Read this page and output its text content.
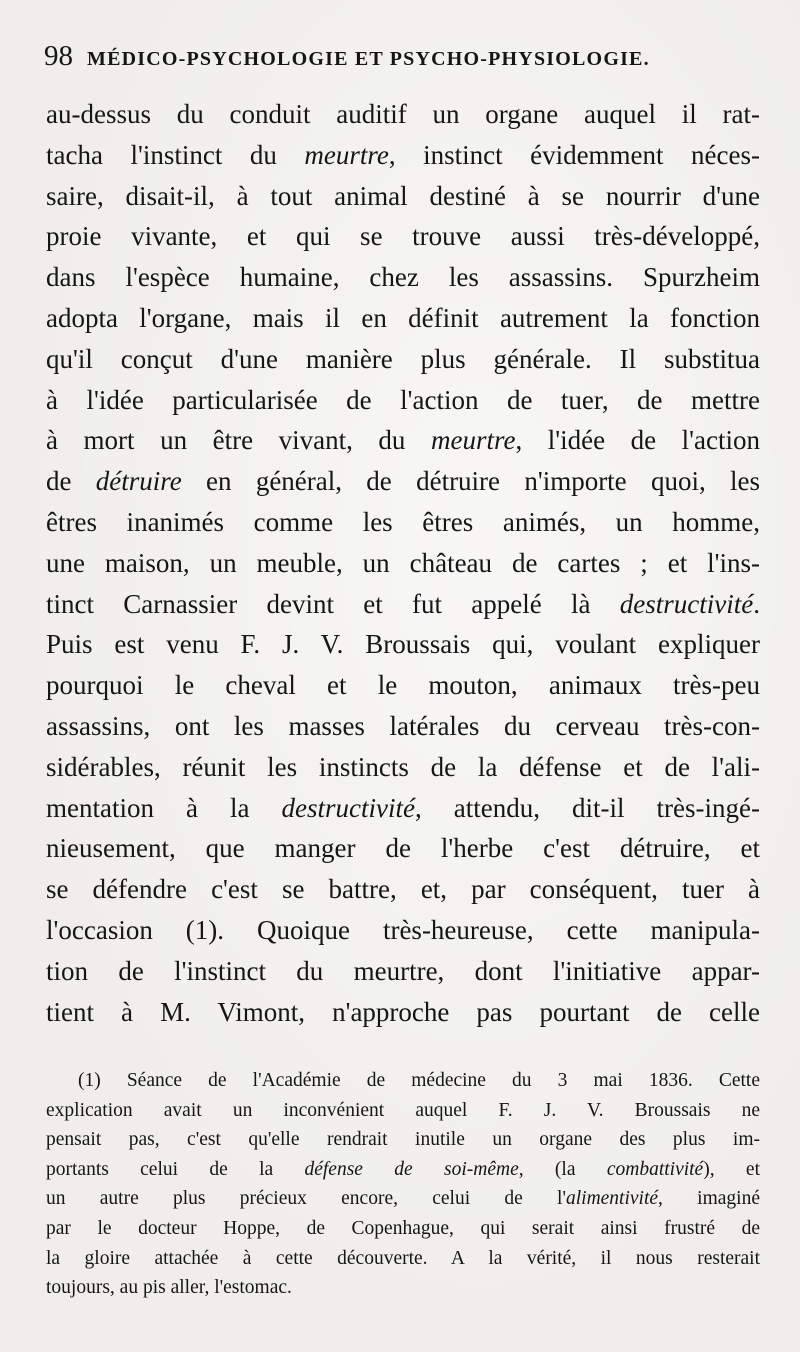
98 MÉDICO-PSYCHOLOGIE ET PSYCHO-PHYSIOLOGIE.
au-dessus du conduit auditif un organe auquel il rat-
tacha l'instinct du meurtre, instinct évidemment néces-
saire, disait-il, à tout animal destiné à se nourrir d'une
proie vivante, et qui se trouve aussi très-développé,
dans l'espèce humaine, chez les assassins. Spurzheim
adopta l'organe, mais il en définit autrement la fonction
qu'il conçut d'une manière plus générale. Il substitua
à l'idée particularisée de l'action de tuer, de mettre
à mort un être vivant, du meurtre, l'idée de l'action
de détruire en général, de détruire n'importe quoi, les
êtres inanimés comme les êtres animés, un homme,
une maison, un meuble, un château de cartes ; et l'ins-
tinct Carnassier devint et fut appelé là destructivité.
Puis est venu F. J. V. Broussais qui, voulant expliquer
pourquoi le cheval et le mouton, animaux très-peu
assassins, ont les masses latérales du cerveau très-con-
sidérables, réunit les instincts de la défense et de l'ali-
mentation à la destructivité, attendu, dit-il très-ingé-
nieusement, que manger de l'herbe c'est détruire, et
se défendre c'est se battre, et, par conséquent, tuer à
l'occasion (1). Quoique très-heureuse, cette manipula-
tion de l'instinct du meurtre, dont l'initiative appar-
tient à M. Vimont, n'approche pas pourtant de celle
(1) Séance de l'Académie de médecine du 3 mai 1836. Cette
explication avait un inconvénient auquel F. J. V. Broussais ne
pensait pas, c'est qu'elle rendrait inutile un organe des plus im-
portants celui de la défense de soi-même, (la combattivité), et
un autre plus précieux encore, celui de l'alimentivité, imaginé
par le docteur Hoppe, de Copenhague, qui serait ainsi frustré de
la gloire attachée à cette découverte. A la vérité, il nous resterait
toujours, au pis aller, l'estomac.
